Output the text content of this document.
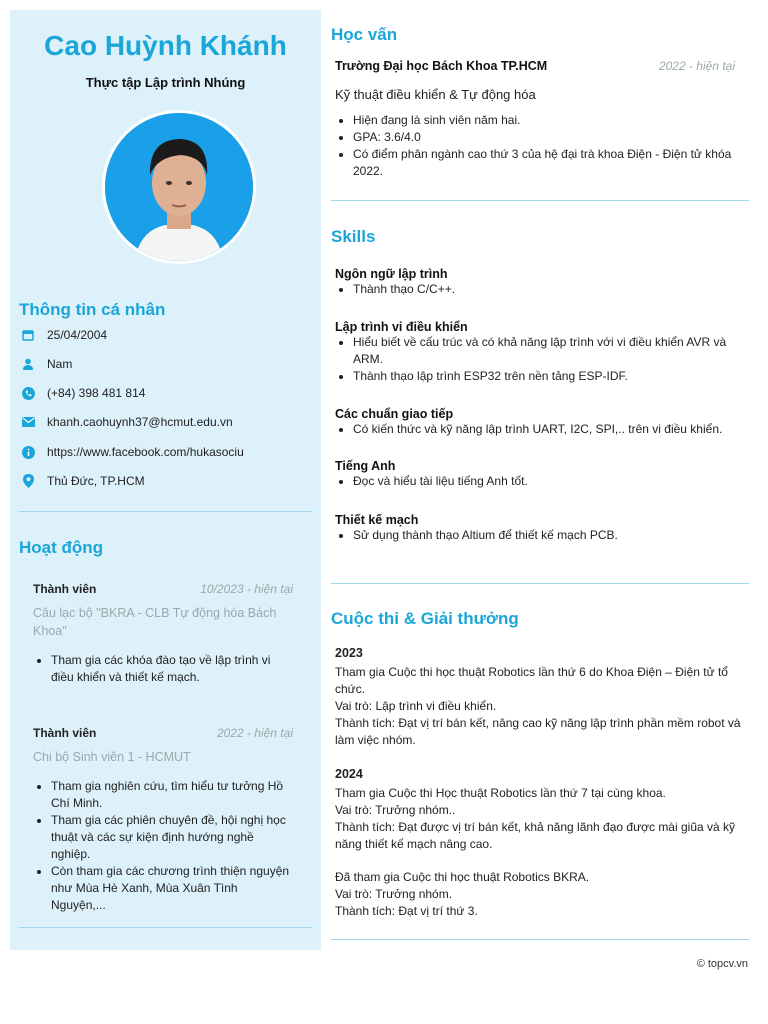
Cao Huỳnh Khánh
Thực tập Lập trình Nhúng
Thông tin cá nhân
25/04/2004
Nam
(+84) 398 481 814
khanh.caohuynh37@hcmut.edu.vn
https://www.facebook.com/hukasociu
Thủ Đức, TP.HCM
Hoạt động
Thành viên	10/2023 - hiện tại
Câu lạc bộ "BKRA - CLB Tự động hóa Bách Khoa"
• Tham gia các khóa đào tạo về lập trình vi điều khiển và thiết kế mạch.
Thành viên	2022 - hiện tại
Chi bộ Sinh viên 1 - HCMUT
• Tham gia nghiên cứu, tìm hiểu tư tưởng Hồ Chí Minh.
• Tham gia các phiên chuyên đề, hội nghị học thuật và các sự kiện định hướng nghề nghiệp.
• Còn tham gia các chương trình thiện nguyện như Mùa Hè Xanh, Mùa Xuân Tình Nguyện,...
Học vấn
Trường Đại học Bách Khoa TP.HCM	2022 - hiện tại
Kỹ thuật điều khiển & Tự động hóa
• Hiện đang là sinh viên năm hai.
• GPA: 3.6/4.0
• Có điểm phân ngành cao thứ 3 của hệ đại trà khoa Điện - Điện tử khóa 2022.
Skills
Ngôn ngữ lập trình
• Thành thạo C/C++.
Lập trình vi điều khiển
• Hiểu biết về cấu trúc và có khả năng lập trình với vi điều khiển AVR và ARM.
• Thành thạo lập trình ESP32 trên nền tảng ESP-IDF.
Các chuẩn giao tiếp
• Có kiến thức và kỹ năng lập trình UART, I2C, SPI,.. trên vi điều khiển.
Tiếng Anh
• Đọc và hiểu tài liệu tiếng Anh tốt.
Thiết kế mạch
• Sử dụng thành thạo Altium để thiết kế mạch PCB.
Cuộc thi & Giải thưởng
2023
Tham gia Cuộc thi học thuật Robotics lần thứ 6 do Khoa Điện – Điện tử tổ chức.
Vai trò: Lập trình vi điều khiển.
Thành tích: Đạt vị trí bán kết, nâng cao kỹ năng lập trình phần mềm robot và làm việc nhóm.
2024
Tham gia Cuộc thi Học thuật Robotics lần thứ 7 tại cùng khoa.
Vai trò: Trưởng nhóm..
Thành tích: Đạt được vị trí bán kết, khả năng lãnh đạo được mài giũa và kỹ năng thiết kế mạch nâng cao.
Đã tham gia Cuộc thi học thuật Robotics BKRA.
Vai trò: Trưởng nhóm.
Thành tích: Đạt vị trí thứ 3.
© topcv.vn
